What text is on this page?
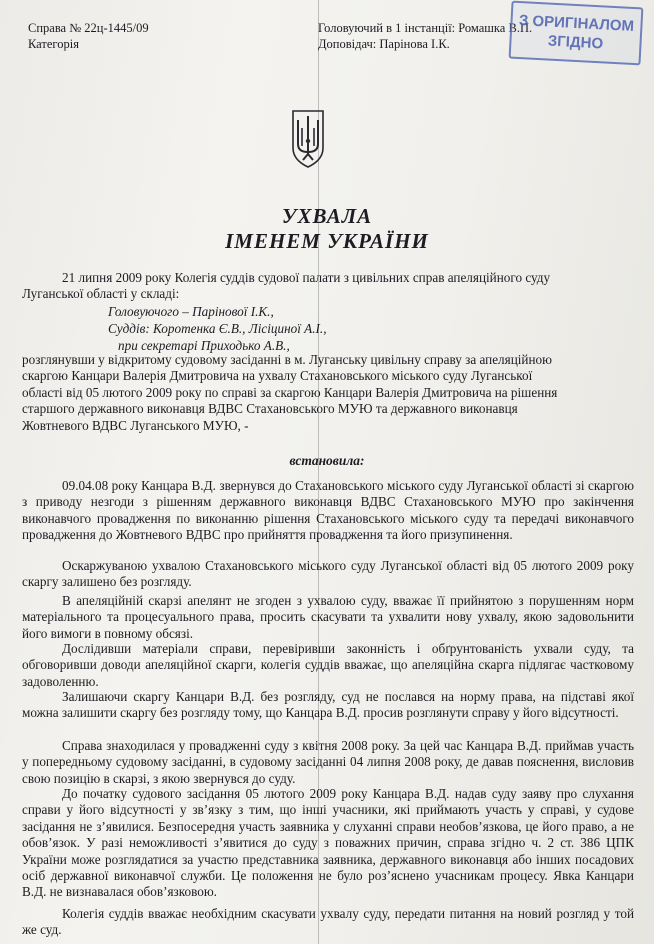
Справа № 22ц-1445/09
Категорія
Головуючий в 1 інстанції: Ромашка В.П.
Доповідач: Парінова І.К.
З ОРИГІНАЛОМ
ЗГІДНО
УХВАЛА
ІМЕНЕМ УКРАЇНИ
21 липня 2009 року Колегія суддів судової палати з цивільних справ апеляційного суду
Луганської області у складі:
Головуючого – Парінової І.К.,
Суддів: Коротенка Є.В., Лісіциної А.І.,
при секретарі Приходько А.В.,
розглянувши у відкритому судовому засіданні в м. Луганську цивільну справу за апеляційною
скаргою Канцари Валерія Дмитровича на ухвалу Стахановського міського суду Луганської
області від 05 лютого 2009 року по справі за скаргою Канцари Валерія Дмитровича на рішення
старшого державного виконавця ВДВС Стахановського МУЮ та державного виконавця
Жовтневого ВДВС Луганського МУЮ, -
встановила:
09.04.08 року Канцара В.Д. звернувся до Стахановського міського суду Луганської області зі скаргою з приводу незгоди з рішенням державного виконавця ВДВС Стахановського МУЮ про закінчення виконавчого провадження по виконанню рішення Стахановського міського суду та передачі виконавчого провадження до Жовтневого ВДВС про прийняття провадження та його призупинення.
Оскаржуваною ухвалою Стахановського міського суду Луганської області від 05 лютого 2009 року скаргу залишено без розгляду.
В апеляційній скарзі апелянт не згоден з ухвалою суду, вважає її прийнятою з порушенням норм матеріального та процесуального права, просить скасувати та ухвалити нову ухвалу, якою задовольнити його вимоги в повному обсязі.
Дослідивши матеріали справи, перевіривши законність і обґрунтованість ухвали суду, та обговоривши доводи апеляційної скарги, колегія суддів вважає, що апеляційна скарга підлягає частковому задоволенню.
Залишаючи скаргу Канцари В.Д. без розгляду, суд не послався на норму права, на підставі якої можна залишити скаргу без розгляду тому, що Канцара В.Д. просив розглянути справу у його відсутності.
Справа знаходилася у провадженні суду з квітня 2008 року. За цей час Канцара В.Д. приймав участь у попередньому судовому засіданні, в судовому засіданні 04 липня 2008 року, де давав пояснення, висловив свою позицію в скарзі, з якою звернувся до суду.
До початку судового засідання 05 лютого 2009 року Канцара В.Д. надав суду заяву про слухання справи у його відсутності у зв’язку з тим, що інші учасники, які приймають участь у справі, у судове засідання не з’явилися. Безпосередня участь заявника у слуханні справи необов’язкова, це його право, а не обов’язок. У разі неможливості з’явитися до суду з поважних причин, справа згідно ч. 2 ст. 386 ЦПК України може розглядатися за участю представника заявника, державного виконавця або інших посадових осіб державної виконавчої служби. Це положення не було роз’яснено учасникам процесу. Явка Канцари В.Д. не визнавалася обов’язковою.
Колегія суддів вважає необхідним скасувати ухвалу суду, передати питання на новий розгляд у той же суд.
